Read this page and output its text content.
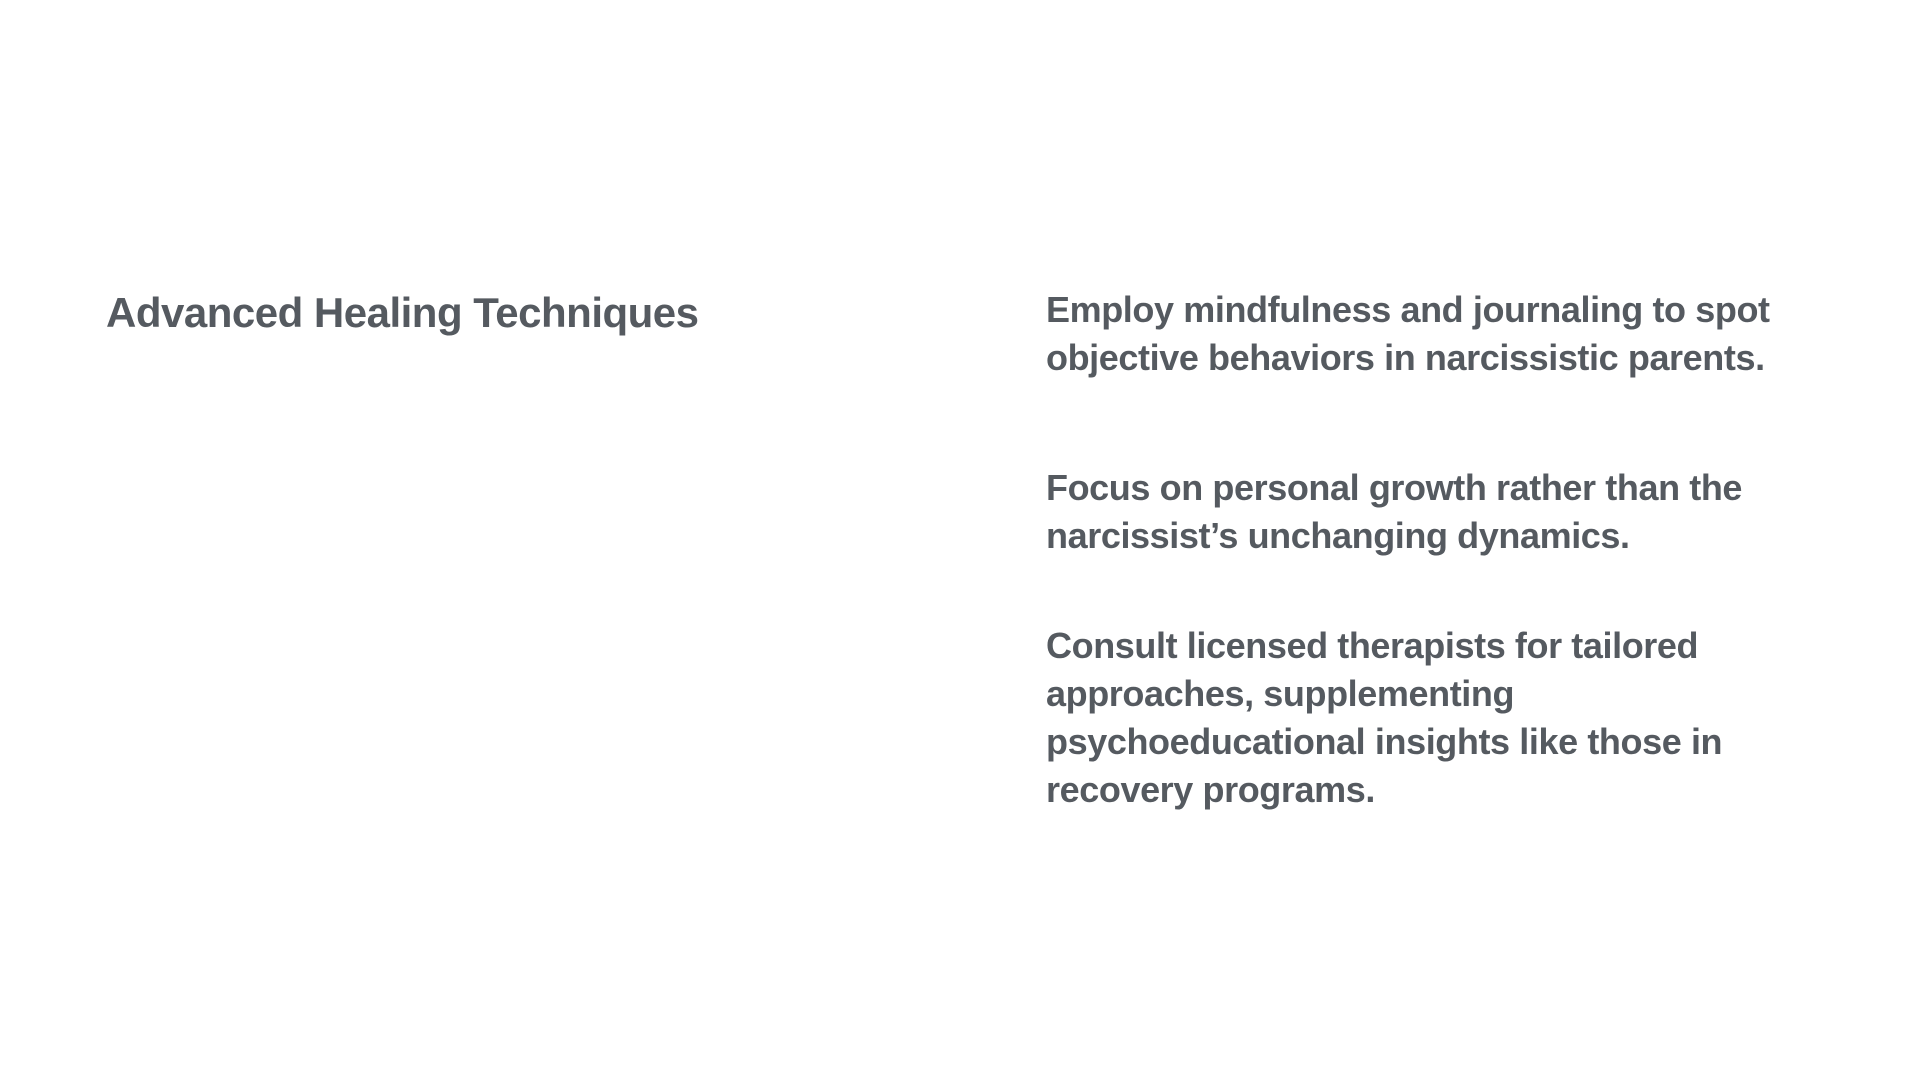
Advanced Healing Techniques	Employ mindfulness and journaling to spot objective behaviors in narcissistic parents.
Focus on personal growth rather than the narcissist’s unchanging dynamics.
Consult licensed therapists for tailored approaches, supplementing psychoeducational insights like those in recovery programs.
